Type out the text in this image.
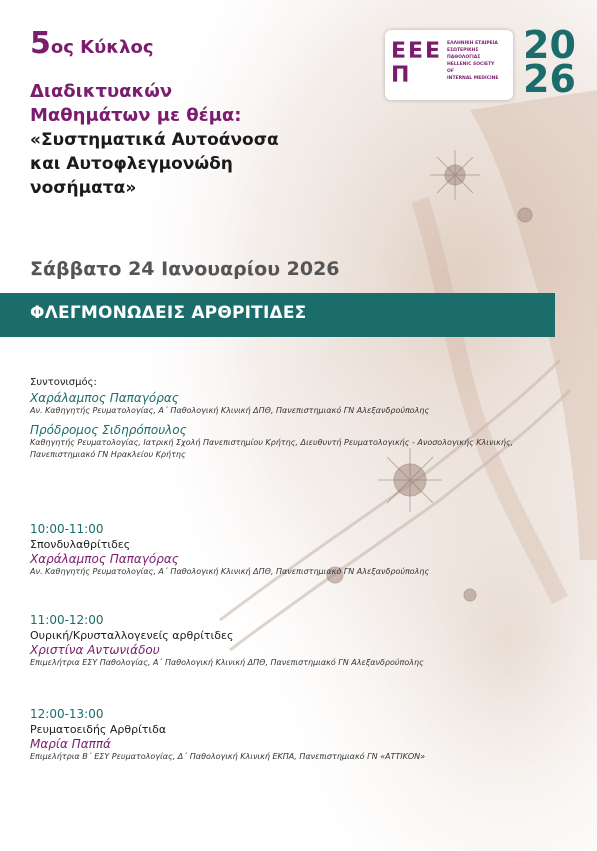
5ος Κύκλος
Διαδικτυακών
Μαθημάτων με θέμα:
«Συστηματικά Αυτοάνοσα
και Αυτοφλεγμονώδη
νοσήματα»
ΕΕΕΠ
ΕΛΛΗΝΙΚΗ ΕΤΑΙΡΕΙΑ
ΕΣΩΤΕΡΙΚΗΣ
ΠΑΘΟΛΟΓΙΑΣ
HELLENIC SOCIETY
OF
INTERNAL MEDICINE
20
26
Σάββατο 24 Ιανουαρίου 2026
ΦΛΕΓΜΟΝΩΔΕΙΣ ΑΡΘΡΙΤΙΔΕΣ
Συντονισμός:
Χαράλαμπος Παπαγόρας
Αν. Καθηγητής Ρευματολογίας, Α΄ Παθολογική Κλινική ΔΠΘ, Πανεπιστημιακό ΓΝ Αλεξανδρούπολης
Πρόδρομος Σιδηρόπουλος
Καθηγητής Ρευματολογίας, Ιατρική Σχολή Πανεπιστημίου Κρήτης, Διευθυντή Ρευματολογικής - Ανοσολογικής Κλινικής,
Πανεπιστημιακό ΓΝ Ηρακλείου Κρήτης
10:00-11:00
Σπονδυλαθρίτιδες
Χαράλαμπος Παπαγόρας
Αν. Καθηγητής Ρευματολογίας, Α΄ Παθολογική Κλινική ΔΠΘ, Πανεπιστημιακό ΓΝ Αλεξανδρούπολης
11:00-12:00
Ουρική/Κρυσταλλογενείς αρθρίτιδες
Χριστίνα Αντωνιάδου
Επιμελήτρια ΕΣΥ Παθολογίας, Α΄ Παθολογική Κλινική ΔΠΘ, Πανεπιστημιακό ΓΝ Αλεξανδρούπολης
12:00-13:00
Ρευματοειδής Αρθρίτιδα
Μαρία Παππά
Επιμελήτρια Β΄ ΕΣΥ Ρευματολογίας, Δ΄ Παθολογική Κλινική ΕΚΠΑ, Πανεπιστημιακό ΓΝ «ΑΤΤΙΚΟΝ»
